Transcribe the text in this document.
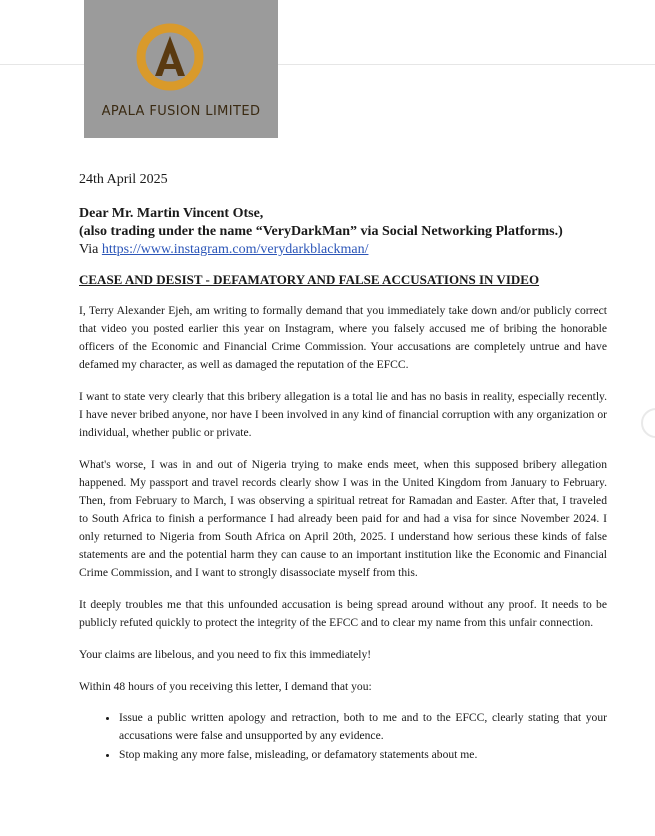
APALA FUSION LIMITED

24th April 2025

Dear Mr. Martin Vincent Otse,
(also trading under the name “VeryDarkMan” via Social Networking Platforms.)
Via https://www.instagram.com/verydarkblackman/

CEASE AND DESIST - DEFAMATORY AND FALSE ACCUSATIONS IN VIDEO

I, Terry Alexander Ejeh, am writing to formally demand that you immediately take down and/or publicly correct that video you posted earlier this year on Instagram, where you falsely accused me of bribing the honorable officers of the Economic and Financial Crime Commission. Your accusations are completely untrue and have defamed my character, as well as damaged the reputation of the EFCC.

I want to state very clearly that this bribery allegation is a total lie and has no basis in reality, especially recently. I have never bribed anyone, nor have I been involved in any kind of financial corruption with any organization or individual, whether public or private.

What's worse, I was in and out of Nigeria trying to make ends meet, when this supposed bribery allegation happened. My passport and travel records clearly show I was in the United Kingdom from January to February. Then, from February to March, I was observing a spiritual retreat for Ramadan and Easter. After that, I traveled to South Africa to finish a performance I had already been paid for and had a visa for since November 2024. I only returned to Nigeria from South Africa on April 20th, 2025. I understand how serious these kinds of false statements are and the potential harm they can cause to an important institution like the Economic and Financial Crime Commission, and I want to strongly disassociate myself from this.

It deeply troubles me that this unfounded accusation is being spread around without any proof. It needs to be publicly refuted quickly to protect the integrity of the EFCC and to clear my name from this unfair connection.

Your claims are libelous, and you need to fix this immediately!

Within 48 hours of you receiving this letter, I demand that you:

• Issue a public written apology and retraction, both to me and to the EFCC, clearly stating that your accusations were false and unsupported by any evidence.
• Stop making any more false, misleading, or defamatory statements about me.
